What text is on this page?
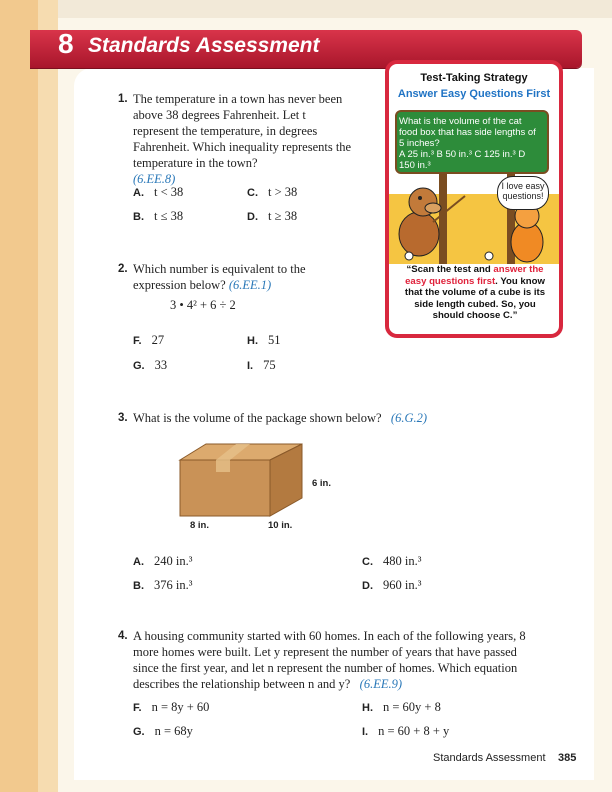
8 Standards Assessment
1. The temperature in a town has never been above 38 degrees Fahrenheit. Let t represent the temperature, in degrees Fahrenheit. Which inequality represents the temperature in the town?
(6.EE.8)
A. t < 38	C. t > 38
B. t ≤ 38	D. t ≥ 38
2. Which number is equivalent to the expression below? (6.EE.1)
3 • 4² + 6 ÷ 2
F. 27	H. 51
G. 33	I. 75
Test-Taking Strategy
Answer Easy Questions First
What is the volume of the cat food box that has side lengths of 5 inches?
A 25 in.³ B 50 in.³ C 125 in.³ D 150 in.³
I love easy questions!
“Scan the test and answer the easy questions first. You know that the volume of a cube is its side length cubed. So, you should choose C.”
3. What is the volume of the package shown below? (6.G.2)
6 in.
8 in.	10 in.
A. 240 in.³	C. 480 in.³
B. 376 in.³	D. 960 in.³
4. A housing community started with 60 homes. In each of the following years, 8 more homes were built. Let y represent the number of years that have passed since the first year, and let n represent the number of homes. Which equation describes the relationship between n and y? (6.EE.9)
F. n = 8y + 60	H. n = 60y + 8
G. n = 68y	I. n = 60 + 8 + y
Standards Assessment 385
